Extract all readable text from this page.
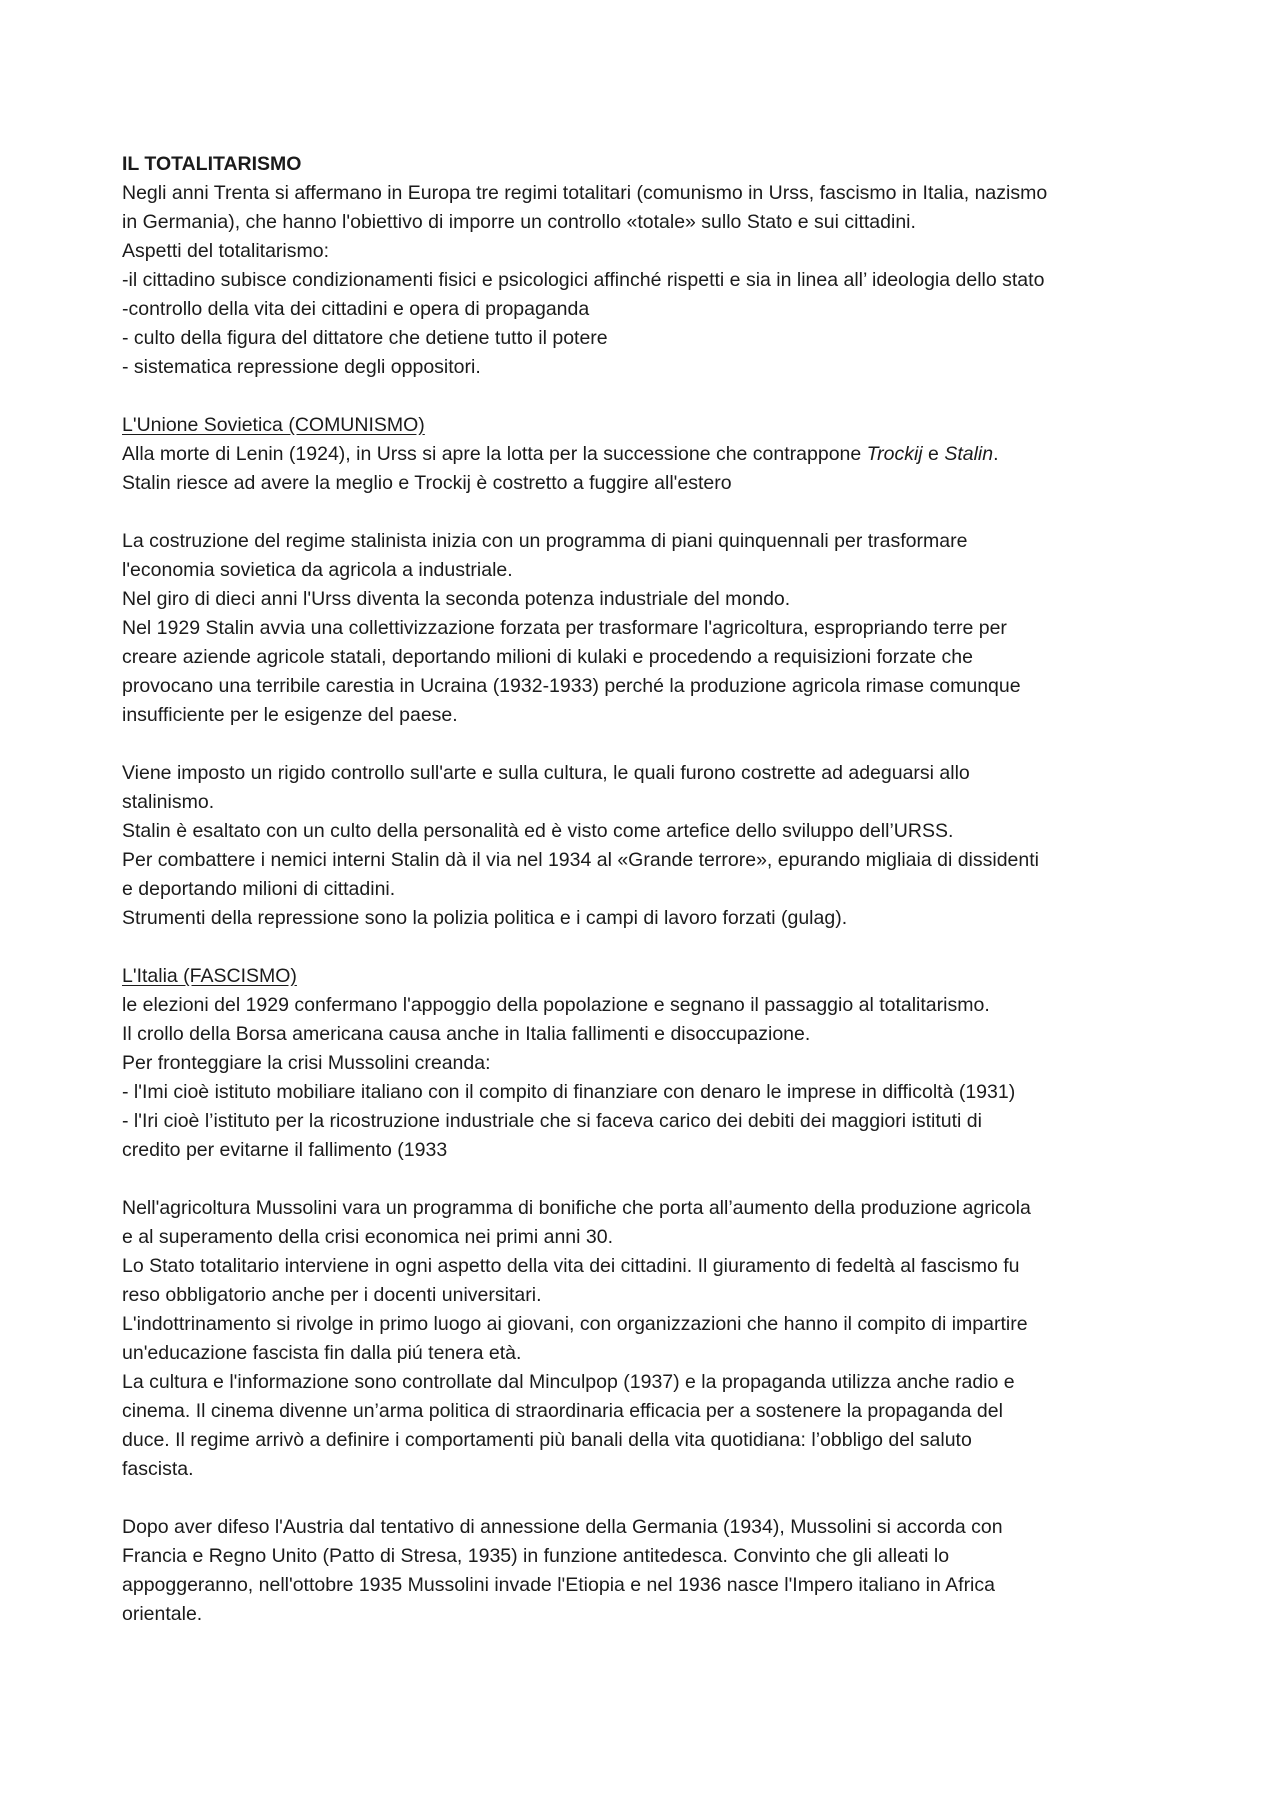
IL TOTALITARISMO
Negli anni Trenta si affermano in Europa tre regimi totalitari (comunismo in Urss, fascismo in Italia, nazismo
in Germania), che hanno l'obiettivo di imporre un controllo «totale» sullo Stato e sui cittadini.
Aspetti del totalitarismo:
-il cittadino subisce condizionamenti fisici e psicologici affinché rispetti e sia in linea all’ ideologia dello stato
-controllo della vita dei cittadini e opera di propaganda
- culto della figura del dittatore che detiene tutto il potere
- sistematica repressione degli oppositori.
L'Unione Sovietica (COMUNISMO)
Alla morte di Lenin (1924), in Urss si apre la lotta per la successione che contrappone Trockij e Stalin.
Stalin riesce ad avere la meglio e Trockij è costretto a fuggire all'estero
La costruzione del regime stalinista inizia con un programma di piani quinquennali per trasformare
l'economia sovietica da agricola a industriale.
Nel giro di dieci anni l'Urss diventa la seconda potenza industriale del mondo.
Nel 1929 Stalin avvia una collettivizzazione forzata per trasformare l'agricoltura, espropriando terre per
creare aziende agricole statali, deportando milioni di kulaki e procedendo a requisizioni forzate che
provocano una terribile carestia in Ucraina (1932-1933) perché la produzione agricola rimase comunque
insufficiente per le esigenze del paese.
Viene imposto un rigido controllo sull'arte e sulla cultura, le quali furono costrette ad adeguarsi allo
stalinismo.
Stalin è esaltato con un culto della personalità ed è visto come artefice dello sviluppo dell’URSS.
Per combattere i nemici interni Stalin dà il via nel 1934 al «Grande terrore», epurando migliaia di dissidenti
e deportando milioni di cittadini.
Strumenti della repressione sono la polizia politica e i campi di lavoro forzati (gulag).
L'Italia (FASCISMO)
le elezioni del 1929 confermano l'appoggio della popolazione e segnano il passaggio al totalitarismo.
Il crollo della Borsa americana causa anche in Italia fallimenti e disoccupazione.
Per fronteggiare la crisi Mussolini creanda:
- l'Imi cioè istituto mobiliare italiano con il compito di finanziare con denaro le imprese in difficoltà (1931)
- l'Iri cioè l’istituto per la ricostruzione industriale che si faceva carico dei debiti dei maggiori istituti di
credito per evitarne il fallimento (1933
Nell'agricoltura Mussolini vara un programma di bonifiche che porta all’aumento della produzione agricola
e al superamento della crisi economica nei primi anni 30.
Lo Stato totalitario interviene in ogni aspetto della vita dei cittadini. Il giuramento di fedeltà al fascismo fu
reso obbligatorio anche per i docenti universitari.
L'indottrinamento si rivolge in primo luogo ai giovani, con organizzazioni che hanno il compito di impartire
un'educazione fascista fin dalla piú tenera età.
La cultura e l'informazione sono controllate dal Minculpop (1937) e la propaganda utilizza anche radio e
cinema. Il cinema divenne un’arma politica di straordinaria efficacia per a sostenere la propaganda del
duce. Il regime arrivò a definire i comportamenti più banali della vita quotidiana: l’obbligo del saluto
fascista.
Dopo aver difeso l'Austria dal tentativo di annessione della Germania (1934), Mussolini si accorda con
Francia e Regno Unito (Patto di Stresa, 1935) in funzione antitedesca. Convinto che gli alleati lo
appoggeranno, nell'ottobre 1935 Mussolini invade l'Etiopia e nel 1936 nasce l'Impero italiano in Africa
orientale.
